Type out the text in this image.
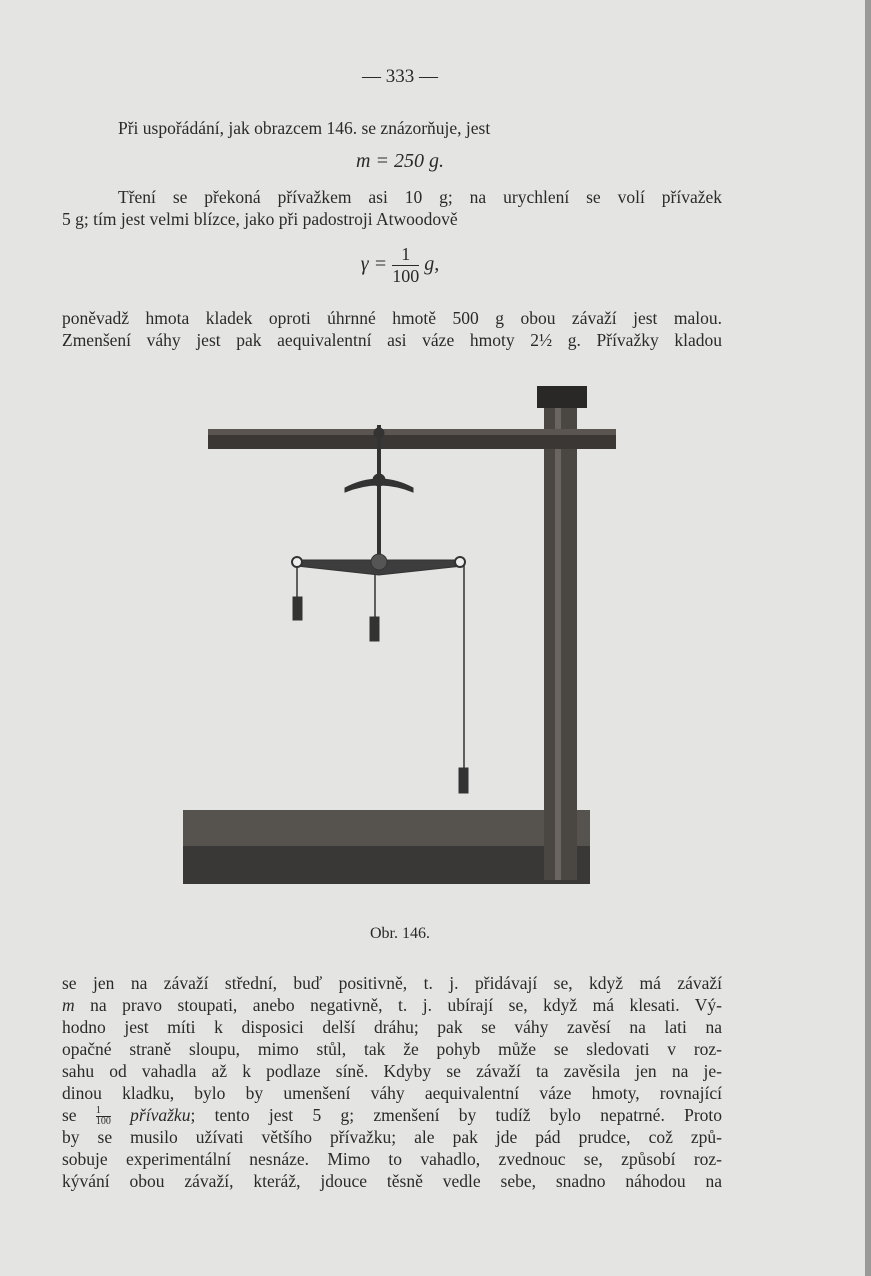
— 333 —
Při uspořádání, jak obrazcem 146. se znázorňuje, jest
m = 250 g.
Tření se překoná přívažkem asi 10 g; na urychlení se volí přívažek
5 g; tím jest velmi blízce, jako při padostroji Atwoodově
$\gamma = \frac{1}{100} g$,
poněvadž hmota kladek oproti úhrnné hmotě 500 g obou závaží jest malou.
Zmenšení váhy jest pak aequivalentní asi váze hmoty 2½ g. Přívažky kladou
Obr. 146.
se jen na závaží střední, buď positivně, t. j. přidávají se, když má závaží
m na pravo stoupati, anebo negativně, t. j. ubírají se, když má klesati. Vý-
hodno jest míti k disposici delší dráhu; pak se váhy zavěsí na lati na
opačné straně sloupu, mimo stůl, tak že pohyb může se sledovati v roz-
sahu od vahadla až k podlaze síně. Kdyby se závaží ta zavěsila jen na je-
dinou kladku, bylo by umenšení váhy aequivalentní váze hmoty, rovnající
se $\frac{1}{100}$ přívažku; tento jest 5 g; zmenšení by tudíž bylo nepatrné. Proto
by se musilo užívati většího přívažku; ale pak jde pád prudce, což způ-
sobuje experimentální nesnáze. Mimo to vahadlo, zvednouc se, způsobí roz-
kývání obou závaží, kteráž, jdouce těsně vedle sebe, snadno náhodou na
